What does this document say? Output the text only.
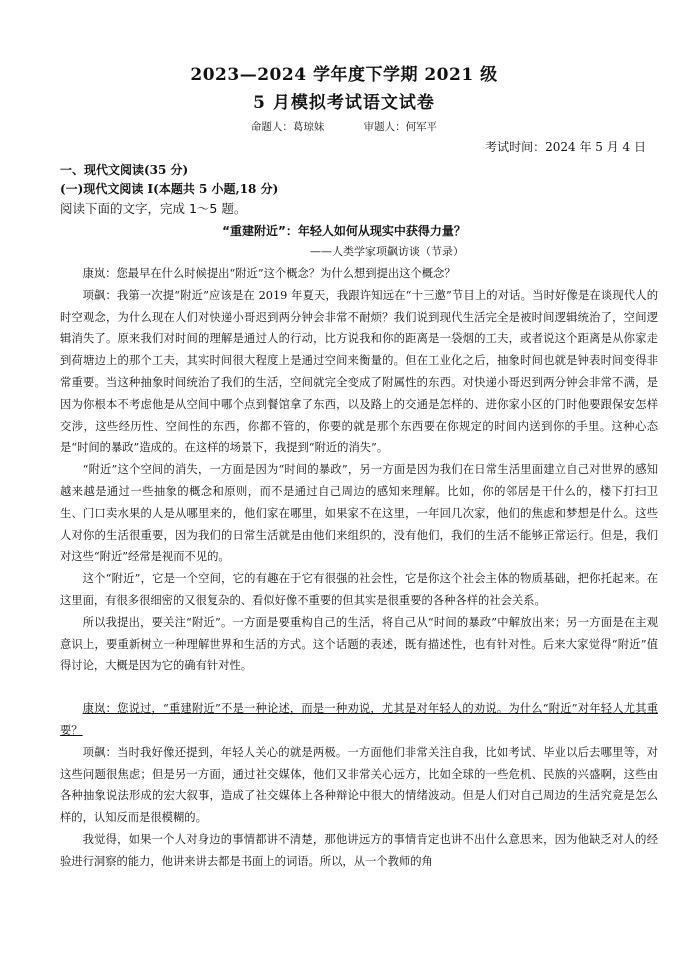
2023—2024 学年度下学期 2021 级
5 月模拟考试语文试卷
命题人：葛琼妹	审题人：何军平
考试时间：2024 年 5 月 4 日
一、现代文阅读(35 分)
(一)现代文阅读 I(本题共 5 小题,18 分)
阅读下面的文字，完成 1～5 题。
“重建附近”：年轻人如何从现实中获得力量？
——人类学家项飙访谈（节录）

康岚：您最早在什么时候提出“附近”这个概念？为什么想到提出这个概念？

项飙：我第一次提“附近”应该是在 2019 年夏天，我跟许知远在“十三邀”节目上的对话。当时好像是在谈现代人的时空观念，为什么现在人们对快递小哥迟到两分钟会非常不耐烦？我们说到现代生活完全是被时间逻辑统治了，空间逻辑消失了。原来我们对时间的理解是通过人的行动，比方说我和你的距离是一袋烟的工夫，或者说这个距离是从你家走到荷塘边上的那个工夫，其实时间很大程度上是通过空间来衡量的。但在工业化之后，抽象时间也就是钟表时间变得非常重要。当这种抽象时间统治了我们的生活，空间就完全变成了附属性的东西。对快递小哥迟到两分钟会非常不满，是因为你根本不考虑他是从空间中哪个点到餐馆拿了东西，以及路上的交通是怎样的、进你家小区的门时他要跟保安怎样交涉，这些经历性、空间性的东西，你都不管的，你要的就是那个东西要在你规定的时间内送到你的手里。这种心态是“时间的暴政”造成的。在这样的场景下，我提到“附近的消失”。

“附近”这个空间的消失，一方面是因为“时间的暴政”，另一方面是因为我们在日常生活里面建立自己对世界的感知越来越是通过一些抽象的概念和原则，而不是通过自己周边的感知来理解。比如，你的邻居是干什么的，楼下打扫卫生、门口卖水果的人是从哪里来的，他们家在哪里，如果家不在这里，一年回几次家，他们的焦虑和梦想是什么。这些人对你的生活很重要，因为我们的日常生活就是由他们来组织的，没有他们，我们的生活不能够正常运行。但是，我们对这些“附近”经常是视而不见的。

这个“附近”，它是一个空间，它的有趣在于它有很强的社会性，它是你这个社会主体的物质基础，把你托起来。在这里面，有很多很细密的又很复杂的、看似好像不重要的但其实是很重要的各种各样的社会关系。

所以我提出，要关注“附近”。一方面是要重构自己的生活，将自己从“时间的暴政”中解放出来；另一方面是在主观意识上，要重新树立一种理解世界和生活的方式。这个话题的表述，既有描述性，也有针对性。后来大家觉得“附近”值得讨论，大概是因为它的确有针对性。

康岚：您说过，“重建附近”不是一种论述，而是一种劝说，尤其是对年轻人的劝说。为什么“附近”对年轻人尤其重要？

项飙：当时我好像还提到，年轻人关心的就是两极。一方面他们非常关注自我，比如考试、毕业以后去哪里等，对这些问题很焦虑；但是另一方面，通过社交媒体，他们又非常关心远方，比如全球的一些危机、民族的兴盛啊，这些由各种抽象说法形成的宏大叙事，造成了社交媒体上各种辩论中很大的情绪波动。但是人们对自己周边的生活究竟是怎么样的，认知反而是很模糊的。

我觉得，如果一个人对身边的事情都讲不清楚，那他讲远方的事情肯定也讲不出什么意思来，因为他缺乏对人的经验进行洞察的能力，他讲来讲去都是书面上的词语。所以，从一个教师的角
